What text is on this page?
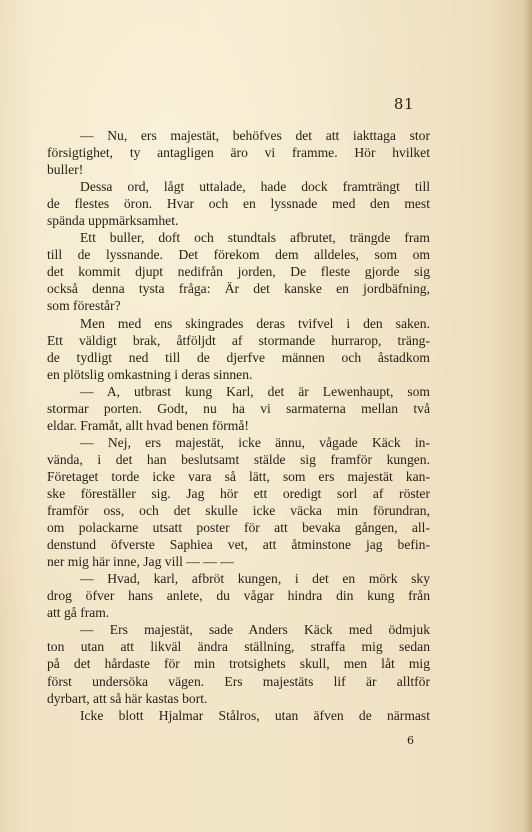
81
— Nu, ers majestät, behöfves det att iakttaga stor
försigtighet, ty antagligen äro vi framme. Hör hvilket
buller!
Dessa ord, lågt uttalade, hade dock framträngt till
de flestes öron. Hvar och en lyssnade med den mest
spända uppmärksamhet.
Ett buller, doft och stundtals afbrutet, trängde fram
till de lyssnande. Det förekom dem alldeles, som om
det kommit djupt nedifrån jorden, De fleste gjorde sig
också denna tysta fråga: Är det kanske en jordbäfning,
som förestår?
Men med ens skingrades deras tvifvel i den saken.
Ett väldigt brak, åtföljdt af stormande hurrarop, träng-
de tydligt ned till de djerfve männen och åstadkom
en plötslig omkastning i deras sinnen.
— A, utbrast kung Karl, det är Lewenhaupt, som
stormar porten. Godt, nu ha vi sarmaterna mellan två
eldar. Framåt, allt hvad benen förmå!
— Nej, ers majestät, icke ännu, vågade Käck in-
vända, i det han beslutsamt stälde sig framför kungen.
Företaget torde icke vara så lätt, som ers majestät kan-
ske föreställer sig. Jag hör ett oredigt sorl af röster
framför oss, och det skulle icke väcka min förundran,
om polackarne utsatt poster för att bevaka gången, all-
denstund öfverste Saphiea vet, att åtminstone jag befin-
ner mig här inne, Jag vill — — —
— Hvad, karl, afbröt kungen, i det en mörk sky
drog öfver hans anlete, du vågar hindra din kung från
att gå fram.
— Ers majestät, sade Anders Käck med ödmjuk
ton utan att likväl ändra ställning, straffa mig sedan
på det hårdaste för min trotsighets skull, men låt mig
först undersöka vägen. Ers majestäts lif är alltför
dyrbart, att så här kastas bort.
Icke blott Hjalmar Stålros, utan äfven de närmast
6
